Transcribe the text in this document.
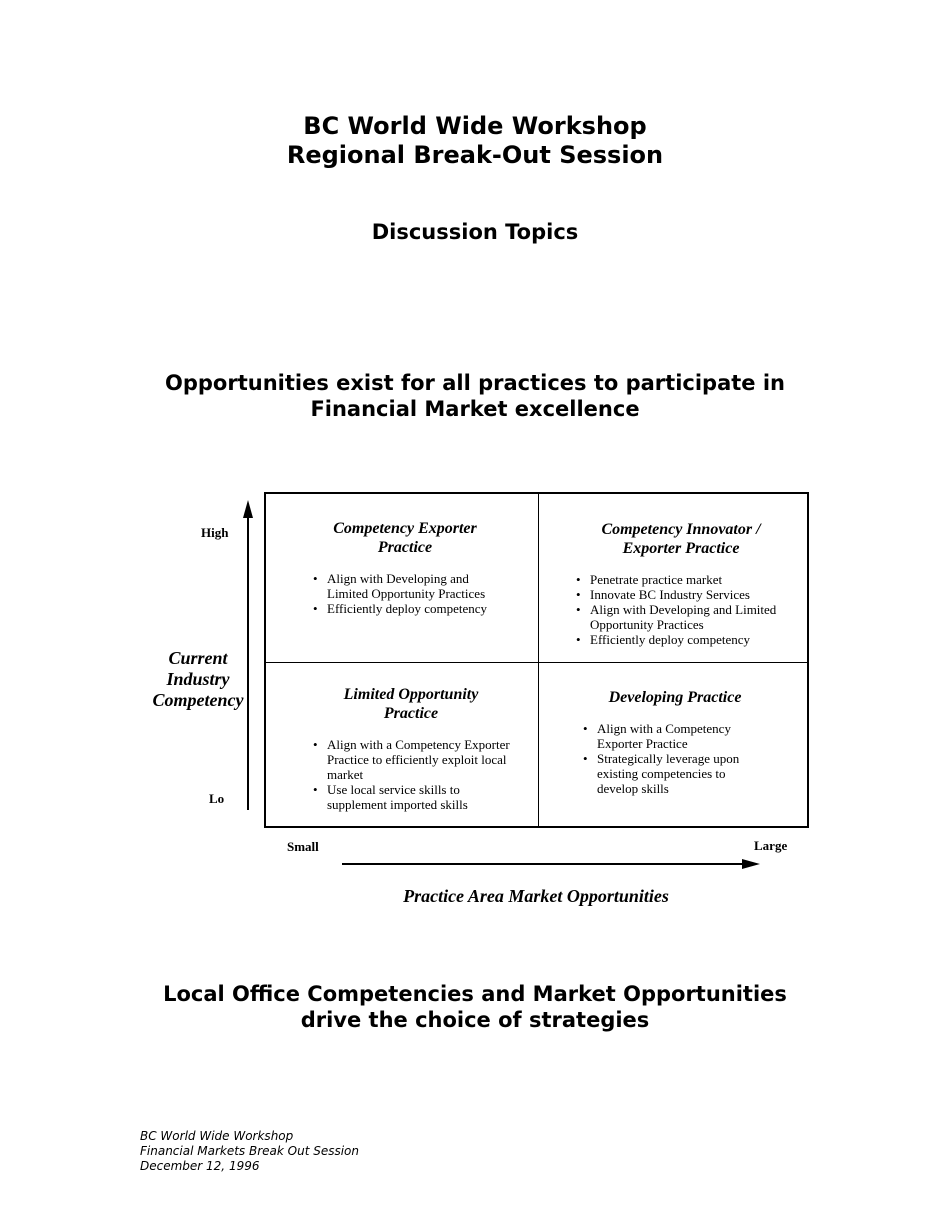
BC World Wide Workshop
Regional Break-Out Session
Discussion Topics
Opportunities exist for all practices to participate in
Financial Market excellence
High
Lo
Current
Industry
Competency
Competency Exporter
Practice
• Align with Developing and Limited Opportunity Practices
• Efficiently deploy competency
Competency Innovator /
Exporter Practice
• Penetrate practice market
• Innovate BC Industry Services
• Align with Developing and Limited Opportunity Practices
• Efficiently deploy competency
Limited Opportunity
Practice
• Align with a Competency Exporter Practice to efficiently exploit local market
• Use local service skills to supplement imported skills
Developing Practice
• Align with a Competency Exporter Practice
• Strategically leverage upon existing competencies to develop skills
Small	Large
Practice Area Market Opportunities
Local Office Competencies and Market Opportunities
drive the choice of strategies
BC World Wide Workshop
Financial Markets Break Out Session
December 12, 1996
